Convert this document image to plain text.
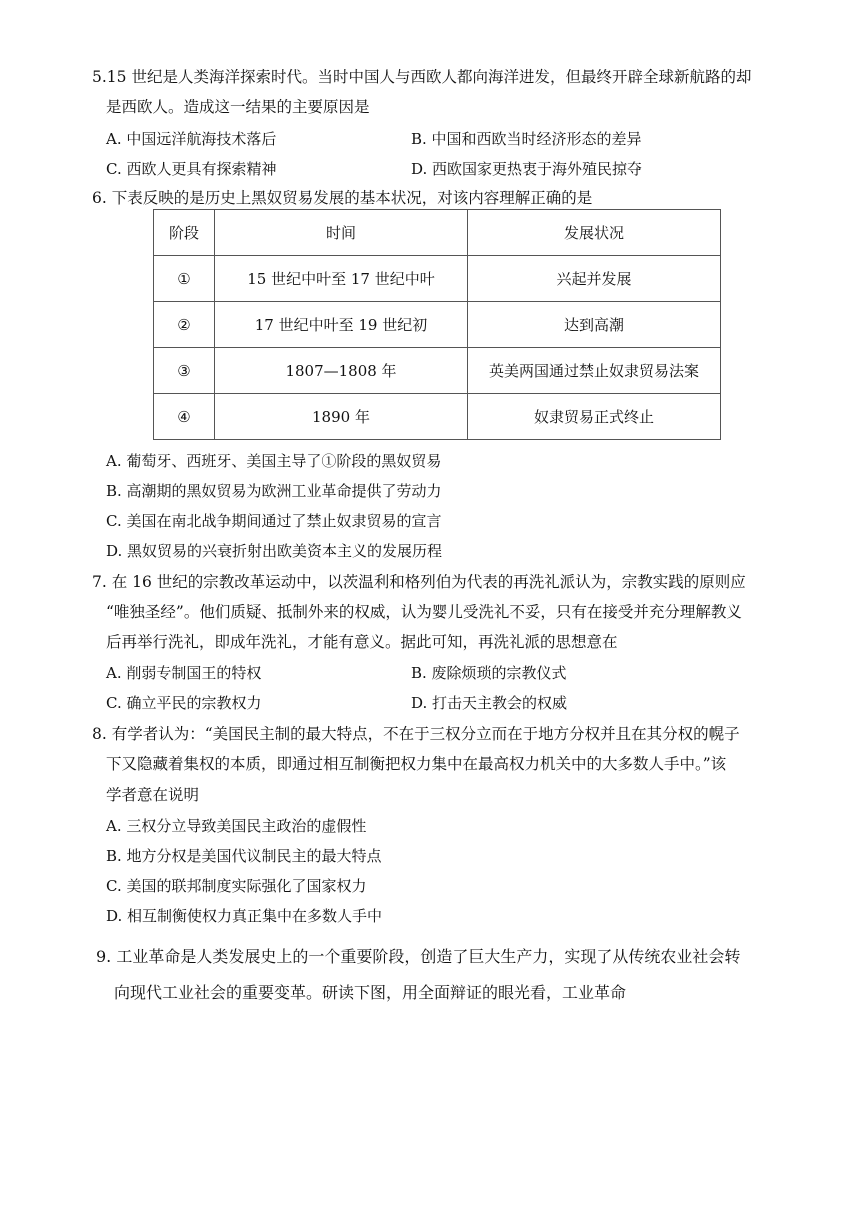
5.15 世纪是人类海洋探索时代。当时中国人与西欧人都向海洋进发，但最终开辟全球新航路的却
是西欧人。造成这一结果的主要原因是
A. 中国远洋航海技术落后	B. 中国和西欧当时经济形态的差异
C. 西欧人更具有探索精神	D. 西欧国家更热衷于海外殖民掠夺
6. 下表反映的是历史上黑奴贸易发展的基本状况，对该内容理解正确的是
阶段	时间	发展状况
①	15 世纪中叶至 17 世纪中叶	兴起并发展
②	17 世纪中叶至 19 世纪初	达到高潮
③	1807—1808 年	英美两国通过禁止奴隶贸易法案
④	1890 年	奴隶贸易正式终止
A. 葡萄牙、西班牙、美国主导了①阶段的黑奴贸易
B. 高潮期的黑奴贸易为欧洲工业革命提供了劳动力
C. 美国在南北战争期间通过了禁止奴隶贸易的宣言
D. 黑奴贸易的兴衰折射出欧美资本主义的发展历程
7. 在 16 世纪的宗教改革运动中，以茨温利和格列伯为代表的再洗礼派认为，宗教实践的原则应
“唯独圣经”。他们质疑、抵制外来的权威，认为婴儿受洗礼不妥，只有在接受并充分理解教义
后再举行洗礼，即成年洗礼，才能有意义。据此可知，再洗礼派的思想意在
A. 削弱专制国王的特权	B. 废除烦琐的宗教仪式
C. 确立平民的宗教权力	D. 打击天主教会的权威
8. 有学者认为：“美国民主制的最大特点，不在于三权分立而在于地方分权并且在其分权的幌子
下又隐藏着集权的本质，即通过相互制衡把权力集中在最高权力机关中的大多数人手中。”该
学者意在说明
A. 三权分立导致美国民主政治的虚假性
B. 地方分权是美国代议制民主的最大特点
C. 美国的联邦制度实际强化了国家权力
D. 相互制衡使权力真正集中在多数人手中
9. 工业革命是人类发展史上的一个重要阶段，创造了巨大生产力，实现了从传统农业社会转
向现代工业社会的重要变革。研读下图，用全面辩证的眼光看，工业革命
